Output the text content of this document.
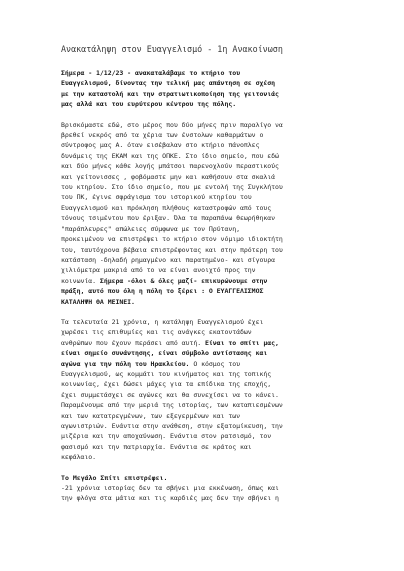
Ανακατάληψη στον Ευαγγελισμό - 1η Ανακοίνωση
Σήμερα - 1/12/23 - ανακαταλάβαμε το κτήριο του
Ευαγγελισμού, δίνοντας την τελική μας απάντηση σε σχέση
με την καταστολή και την στρατιωτικοποίηση της γειτονιάς
μας αλλά και του ευρύτερου κέντρου της πόλης.
Βρισκόμαστε εδώ, στο μέρος που δύο μήνες πριν παραλίγο να
βρεθεί νεκρός από τα χέρια των ένστολων καθαρμάτων ο
σύντροφος μας Α. όταν εισέβαλαν στο κτήριο πάνοπλες
δυνάμεις της ΕΚΑΜ και της ΟΠΚΕ. Στο ίδιο σημείο, που εδώ
και δύο μήνες κάθε λογής μπάτσοι παρενοχλούν περαστικούς
και γείτονισσες , φοβόμαστε μην και καθήσουν στα σκαλιά
του κτηρίου. Στο ίδιο σημείο, που με εντολή της Συγκλήτου
του ΠΚ, έγινε σφράγισμα του ιστορικού κτηρίου του
Ευαγγελισμού και πρόκληση πλήθους καταστροφών από τους
τόνους τσιμέντου που έριξαν. Όλα τα παραπάνω θεωρήθηκαν
"παράπλευρες" απώλειες σύμφωνα με τον Πρύτανη,
προκειμένου να επιστρέψει το κτήριο στον νόμιμο ιδιοκτήτη
του, ταυτόχρονα βέβαια επιστρέφοντας και στην πρότερη του
κατάσταση -δηλαδή ρημαγμένο και παρατημένο- και σίγουρα
χιλιόμετρα μακριά από το να είναι ανοιχτό προς την
κοινωνία. Σήμερα -όλοι & όλες μαζί- επικυρώνουμε στην
πράξη, αυτό που όλη η πόλη το ξέρει : Ο ΕΥΑΓΓΕΛΙΣΜΟΣ
ΚΑΤΑΛΗΨΗ ΘΑ ΜΕΙΝΕΙ.
Τα τελευταία 21 χρόνια, η κατάληψη Ευαγγελισμού έχει
χωρέσει τις επιθυμίες και τις ανάγκες εκατοντάδων
ανθρώπων που έχουν περάσει από αυτή. Είναι το σπίτι μας,
είναι σημείο συνάντησης, είναι σύμβολο αντίστασης και
αγώνα για την πόλη του Ηρακλείου. Ο κόσμος του
Ευαγγελισμού, ως κομμάτι του κινήματος και της τοπικής
κοινωνίας, έχει δώσει μάχες για τα επίδικα της εποχής,
έχει συμμετάσχει σε αγώνες και θα συνεχίσει να το κάνει.
Παραμένουμε από την μεριά της ιστορίας, των καταπιεσμένων
και των κατατρεγμένων, των εξεγερμένων και των
αγωνιστριών. Ενάντια στην ανάθεση, στην εξατομίκευση, την
μιζέρια και την αποχαύνωση. Ενάντια στον ρατσισμό, τον
φασισμό και την πατριαρχία. Ενάντια σε κράτος και
κεφάλαιο.
Το Μεγάλο Σπίτι επιστρέφει.
-21 χρόνια ιστορίας δεν τα σβήνει μια εκκένωση, όπως και
την φλόγα στα μάτια και τις καρδιές μας δεν την σβήνει η
